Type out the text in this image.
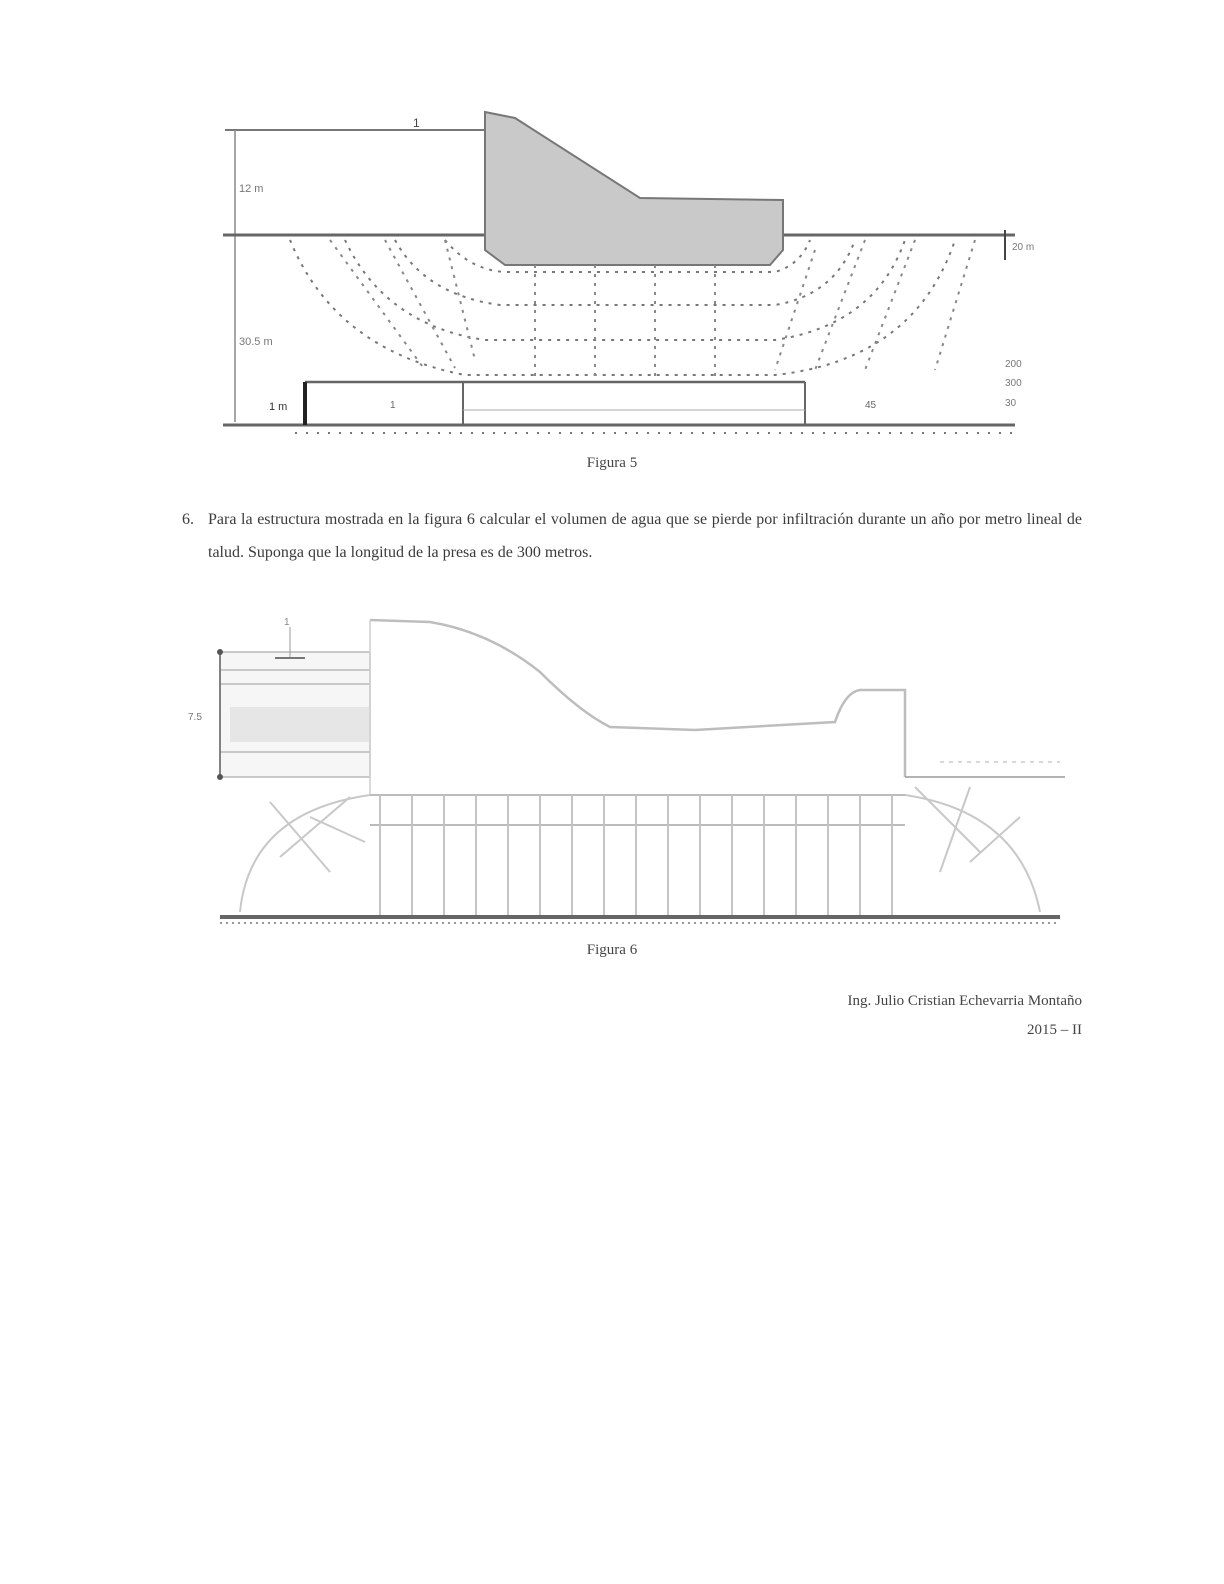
1
12 m
30.5 m
1 m
20 m
200
300
30
1	45
Figura 5
6. Para la estructura mostrada en la figura 6 calcular el volumen de agua que se pierde por infiltración durante un año por metro lineal de talud. Suponga que la longitud de la presa es de 300 metros.
7.5
1
Figura 6
Ing. Julio Cristian Echevarria Montaño
2015 – II
